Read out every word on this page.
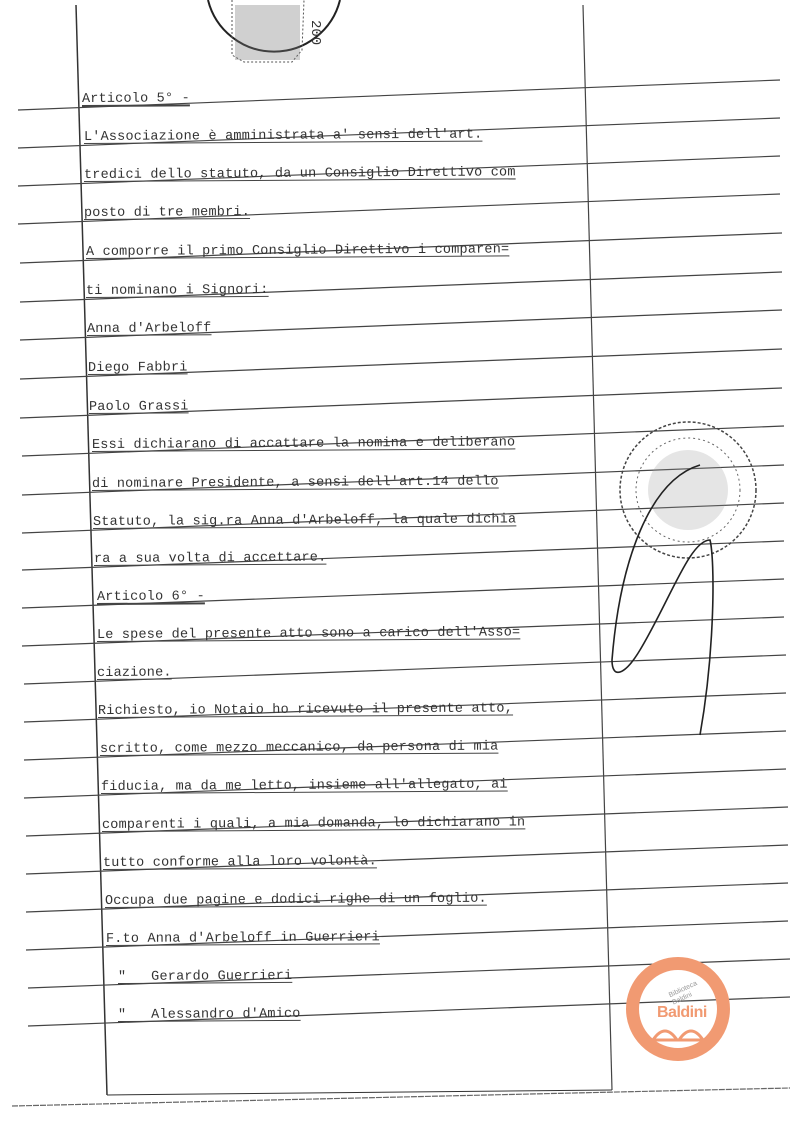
200
Articolo 5° -
L'Associazione è amministrata a' sensi dell'art.
tredici dello statuto, da un Consiglio Direttivo com
posto di tre membri.
A comporre il primo Consiglio Direttivo i comparen=
ti nominano i Signori:
Anna d'Arbeloff
Diego Fabbri
Paolo Grassi
Essi dichiarano di accattare la nomina e deliberano
di nominare Presidente, a sensi dell'art.14 dello
Statuto, la sig.ra Anna d'Arbeloff, la quale dichia
ra a sua volta di accettare.
Articolo 6° -
Le spese del presente atto sono a carico dell'Asso=
ciazione.
Richiesto, io Notaio ho ricevuto il presente atto,
scritto, come mezzo meccanico, da persona di mia
fiducia, ma da me letto, insieme all'allegato, ai
comparenti i quali, a mia domanda, lo dichiarano in
tutto conforme alla loro volontà.
Occupa due pagine e dodici righe di un foglio.
F.to Anna d'Arbeloff in Guerrieri
"   Gerardo Guerrieri
"   Alessandro d'Amico
Biblioteca Baldini
Baldini
